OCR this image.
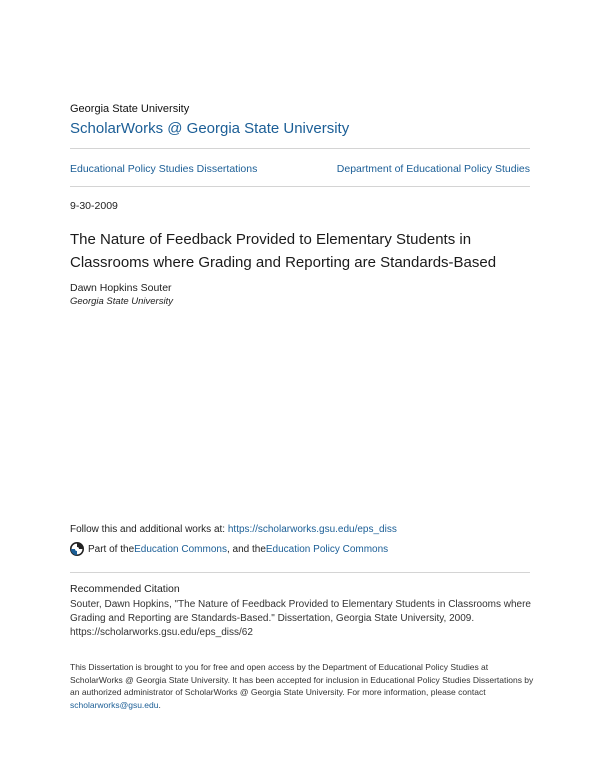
Georgia State University
ScholarWorks @ Georgia State University
Educational Policy Studies Dissertations	Department of Educational Policy Studies
9-30-2009
The Nature of Feedback Provided to Elementary Students in Classrooms where Grading and Reporting are Standards-Based
Dawn Hopkins Souter
Georgia State University
Follow this and additional works at: https://scholarworks.gsu.edu/eps_diss
Part of the Education Commons , and the Education Policy Commons
Recommended Citation
Souter, Dawn Hopkins, "The Nature of Feedback Provided to Elementary Students in Classrooms where Grading and Reporting are Standards-Based." Dissertation, Georgia State University, 2009.
https://scholarworks.gsu.edu/eps_diss/62
This Dissertation is brought to you for free and open access by the Department of Educational Policy Studies at ScholarWorks @ Georgia State University. It has been accepted for inclusion in Educational Policy Studies Dissertations by an authorized administrator of ScholarWorks @ Georgia State University. For more information, please contact scholarworks@gsu.edu.
